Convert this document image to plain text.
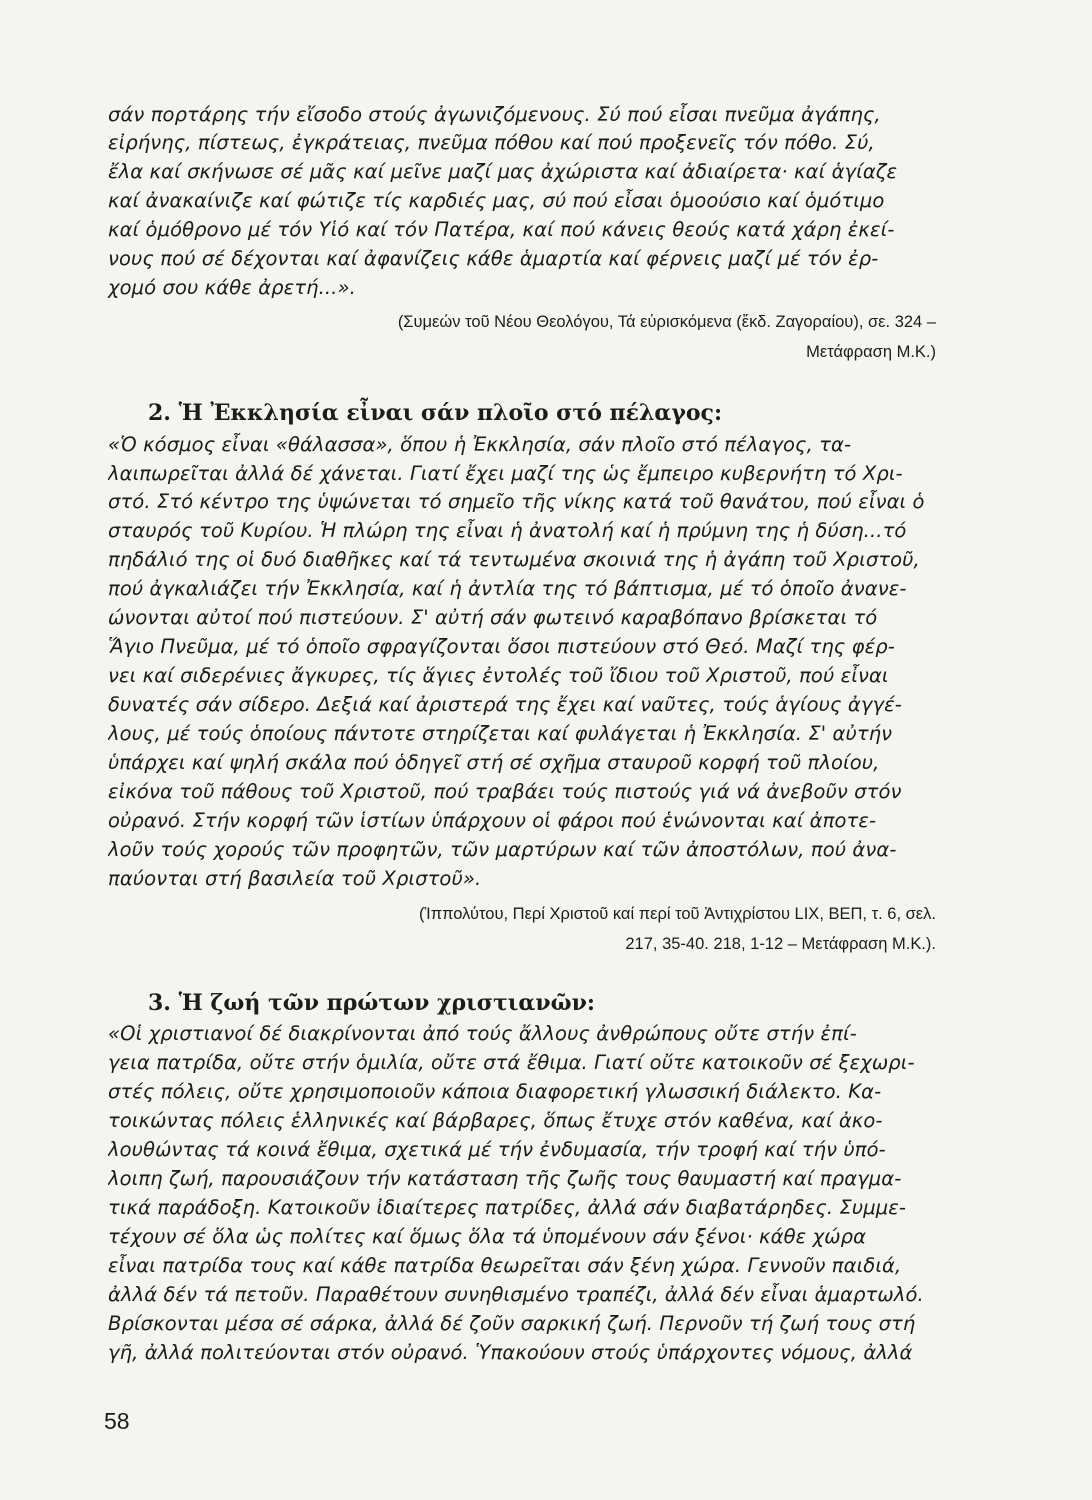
σάν πορτάρης τήν εἴσοδο στούς ἀγωνιζόμενους. Σύ πού εἶσαι πνεῦμα ἀγάπης,
εἰρήνης, πίστεως, ἐγκράτειας, πνεῦμα πόθου καί πού προξενεῖς τόν πόθο. Σύ,
ἔλα καί σκήνωσε σέ μᾶς καί μεῖνε μαζί μας ἀχώριστα καί ἀδιαίρετα· καί ἁγίαζε
καί ἀνακαίνιζε καί φώτιζε τίς καρδιές μας, σύ πού εἶσαι ὁμοούσιο καί ὁμότιμο
καί ὁμόθρονο μέ τόν Υἱό καί τόν Πατέρα, καί πού κάνεις θεούς κατά χάρη ἐκεί-
νους πού σέ δέχονται καί ἀφανίζεις κάθε ἁμαρτία καί φέρνεις μαζί μέ τόν ἐρ-
χομό σου κάθε ἀρετή...».
(Συμεών τοῦ Νέου Θεολόγου, Τά εὑρισκόμενα (ἔκδ. Ζαγοραίου), σε. 324 –
Μετάφραση Μ.Κ.)
2. Ἡ Ἐκκλησία εἶναι σάν πλοῖο στό πέλαγος:
«Ὁ κόσμος εἶναι «θάλασσα», ὅπου ἡ Ἐκκλησία, σάν πλοῖο στό πέλαγος, τα-
λαιπωρεῖται ἀλλά δέ χάνεται. Γιατί ἔχει μαζί της ὡς ἔμπειρο κυβερνήτη τό Χρι-
στό. Στό κέντρο της ὑψώνεται τό σημεῖο τῆς νίκης κατά τοῦ θανάτου, πού εἶναι ὁ
σταυρός τοῦ Κυρίου. Ἡ πλώρη της εἶναι ἡ ἀνατολή καί ἡ πρύμνη της ἡ δύση...τό
πηδάλιό της οἱ δυό διαθῆκες καί τά τεντωμένα σκοινιά της ἡ ἀγάπη τοῦ Χριστοῦ,
πού ἀγκαλιάζει τήν Ἐκκλησία, καί ἡ ἀντλία της τό βάπτισμα, μέ τό ὁποῖο ἀνανε-
ώνονται αὐτοί πού πιστεύουν. Σ' αὐτή σάν φωτεινό καραβόπανο βρίσκεται τό
Ἅγιο Πνεῦμα, μέ τό ὁποῖο σφραγίζονται ὅσοι πιστεύουν στό Θεό. Μαζί της φέρ-
νει καί σιδερένιες ἄγκυρες, τίς ἅγιες ἐντολές τοῦ ἴδιου τοῦ Χριστοῦ, πού εἶναι
δυνατές σάν σίδερο. Δεξιά καί ἀριστερά της ἔχει καί ναῦτες, τούς ἁγίους ἀγγέ-
λους, μέ τούς ὁποίους πάντοτε στηρίζεται καί φυλάγεται ἡ Ἐκκλησία. Σ' αὐτήν
ὑπάρχει καί ψηλή σκάλα πού ὁδηγεῖ στή σέ σχῆμα σταυροῦ κορφή τοῦ πλοίου,
εἰκόνα τοῦ πάθους τοῦ Χριστοῦ, πού τραβάει τούς πιστούς γιά νά ἀνεβοῦν στόν
οὐρανό. Στήν κορφή τῶν ἱστίων ὑπάρχουν οἱ φάροι πού ἑνώνονται καί ἀποτε-
λοῦν τούς χορούς τῶν προφητῶν, τῶν μαρτύρων καί τῶν ἀποστόλων, πού ἀνα-
παύονται στή βασιλεία τοῦ Χριστοῦ».
(Ἱππολύτου, Περί Χριστοῦ καί περί τοῦ Ἀντιχρίστου LIX, ΒΕΠ, τ. 6, σελ.
217, 35-40. 218, 1-12 – Μετάφραση Μ.Κ.).
3. Ἡ ζωή τῶν πρώτων χριστιανῶν:
«Οἱ χριστιανοί δέ διακρίνονται ἀπό τούς ἄλλους ἀνθρώπους οὔτε στήν ἐπί-
γεια πατρίδα, οὔτε στήν ὁμιλία, οὔτε στά ἔθιμα. Γιατί οὔτε κατοικοῦν σέ ξεχωρι-
στές πόλεις, οὔτε χρησιμοποιοῦν κάποια διαφορετική γλωσσική διάλεκτο. Κα-
τοικώντας πόλεις ἑλληνικές καί βάρβαρες, ὅπως ἔτυχε στόν καθένα, καί ἀκο-
λουθώντας τά κοινά ἔθιμα, σχετικά μέ τήν ἐνδυμασία, τήν τροφή καί τήν ὑπό-
λοιπη ζωή, παρουσιάζουν τήν κατάσταση τῆς ζωῆς τους θαυμαστή καί πραγμα-
τικά παράδοξη. Κατοικοῦν ἰδιαίτερες πατρίδες, ἀλλά σάν διαβατάρηδες. Συμμε-
τέχουν σέ ὅλα ὡς πολίτες καί ὅμως ὅλα τά ὑπομένουν σάν ξένοι· κάθε χώρα
εἶναι πατρίδα τους καί κάθε πατρίδα θεωρεῖται σάν ξένη χώρα. Γεννοῦν παιδιά,
ἀλλά δέν τά πετοῦν. Παραθέτουν συνηθισμένο τραπέζι, ἀλλά δέν εἶναι ἁμαρτωλό.
Βρίσκονται μέσα σέ σάρκα, ἀλλά δέ ζοῦν σαρκική ζωή. Περνοῦν τή ζωή τους στή
γῆ, ἀλλά πολιτεύονται στόν οὐρανό. Ὑπακούουν στούς ὑπάρχοντες νόμους, ἀλλά
58
